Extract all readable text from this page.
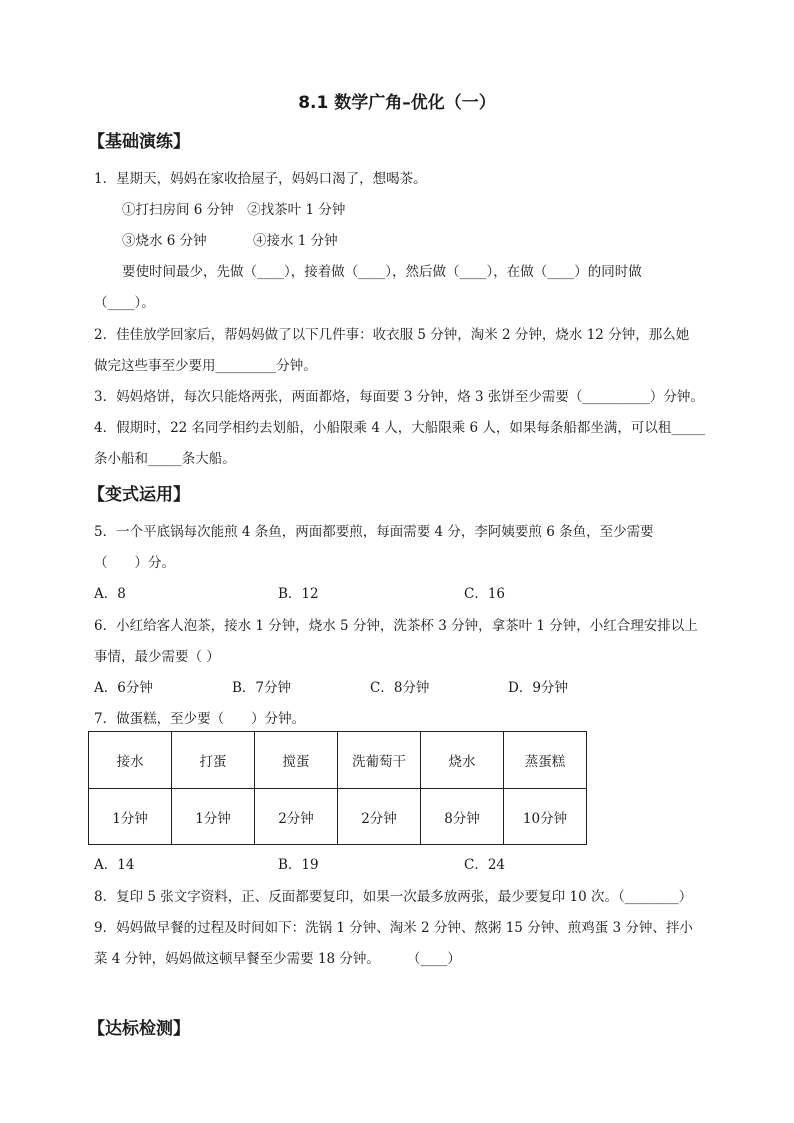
8.1 数学广角–优化（一）
【基础演练】
1．星期天，妈妈在家收拾屋子，妈妈口渴了，想喝茶。
①打扫房间 6 分钟　②找茶叶 1 分钟
③烧水 6 分钟	④接水 1 分钟
要使时间最少，先做（____），接着做（____），然后做（____），在做（____）的同时做
（____）。
2．佳佳放学回家后，帮妈妈做了以下几件事：收衣服 5 分钟，淘米 2 分钟，烧水 12 分钟，那么她
做完这些事至少要用_________分钟。
3．妈妈烙饼，每次只能烙两张，两面都烙，每面要 3 分钟，烙 3 张饼至少需要（__________）分钟。
4．假期时，22 名同学相约去划船，小船限乘 4 人，大船限乘 6 人，如果每条船都坐满，可以租_____
条小船和_____条大船。
【变式运用】
5．一个平底锅每次能煎 4 条鱼，两面都要煎，每面需要 4 分，李阿姨要煎 6 条鱼，至少需要
（　　）分。
A．8	B．12	C．16
6．小红给客人泡茶，接水 1 分钟，烧水 5 分钟，洗茶杯 3 分钟，拿茶叶 1 分钟，小红合理安排以上
事情，最少需要（ ）
A．6分钟	B．7分钟	C．8分钟	D．9分钟
7．做蛋糕，至少要（　　）分钟。
接水	打蛋	搅蛋	洗葡萄干	烧水	蒸蛋糕
1分钟	1分钟	2分钟	2分钟	8分钟	10分钟
A．14	B．19	C．24
8．复印 5 张文字资料，正、反面都要复印，如果一次最多放两张，最少要复印 10 次。（________）
9．妈妈做早餐的过程及时间如下：洗锅 1 分钟、淘米 2 分钟、熬粥 15 分钟、煎鸡蛋 3 分钟、拌小
菜 4 分钟，妈妈做这顿早餐至少需要 18 分钟。　　　（____）
【达标检测】
